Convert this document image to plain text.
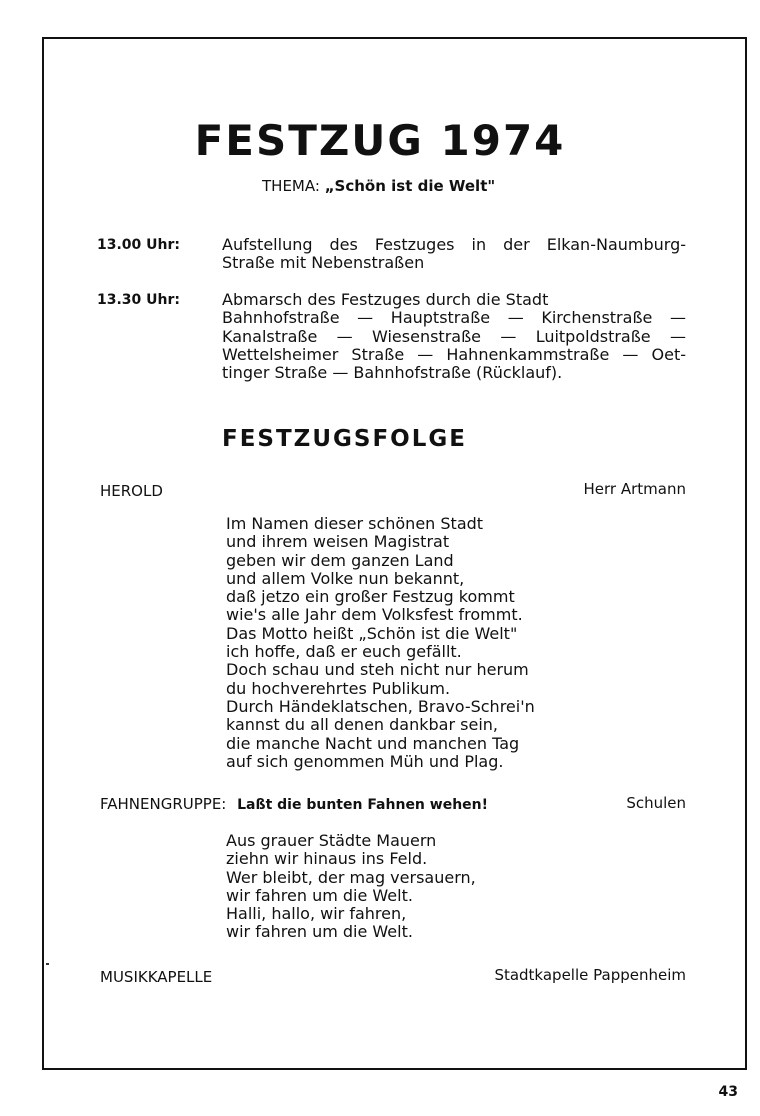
FESTZUG 1974
THEMA: „Schön ist die Welt"
13.00 Uhr:	Aufstellung des Festzuges in der Elkan-Naumburg-
Straße mit Nebenstraßen
13.30 Uhr:	Abmarsch des Festzuges durch die Stadt
Bahnhofstraße — Hauptstraße — Kirchenstraße —
Kanalstraße — Wiesenstraße — Luitpoldstraße —
Wettelsheimer Straße — Hahnenkammstraße — Oet-
tinger Straße — Bahnhofstraße (Rücklauf).
FESTZUGSFOLGE
HEROLD	Herr Artmann
Im Namen dieser schönen Stadt
und ihrem weisen Magistrat
geben wir dem ganzen Land
und allem Volke nun bekannt,
daß jetzo ein großer Festzug kommt
wie's alle Jahr dem Volksfest frommt.
Das Motto heißt „Schön ist die Welt"
ich hoffe, daß er euch gefällt.
Doch schau und steh nicht nur herum
du hochverehrtes Publikum.
Durch Händeklatschen, Bravo-Schrei'n
kannst du all denen dankbar sein,
die manche Nacht und manchen Tag
auf sich genommen Müh und Plag.
FAHNENGRUPPE: Laßt die bunten Fahnen wehen!	Schulen
Aus grauer Städte Mauern
ziehn wir hinaus ins Feld.
Wer bleibt, der mag versauern,
wir fahren um die Welt.
Halli, hallo, wir fahren,
wir fahren um die Welt.
MUSIKKAPELLE	Stadtkapelle Pappenheim
43
